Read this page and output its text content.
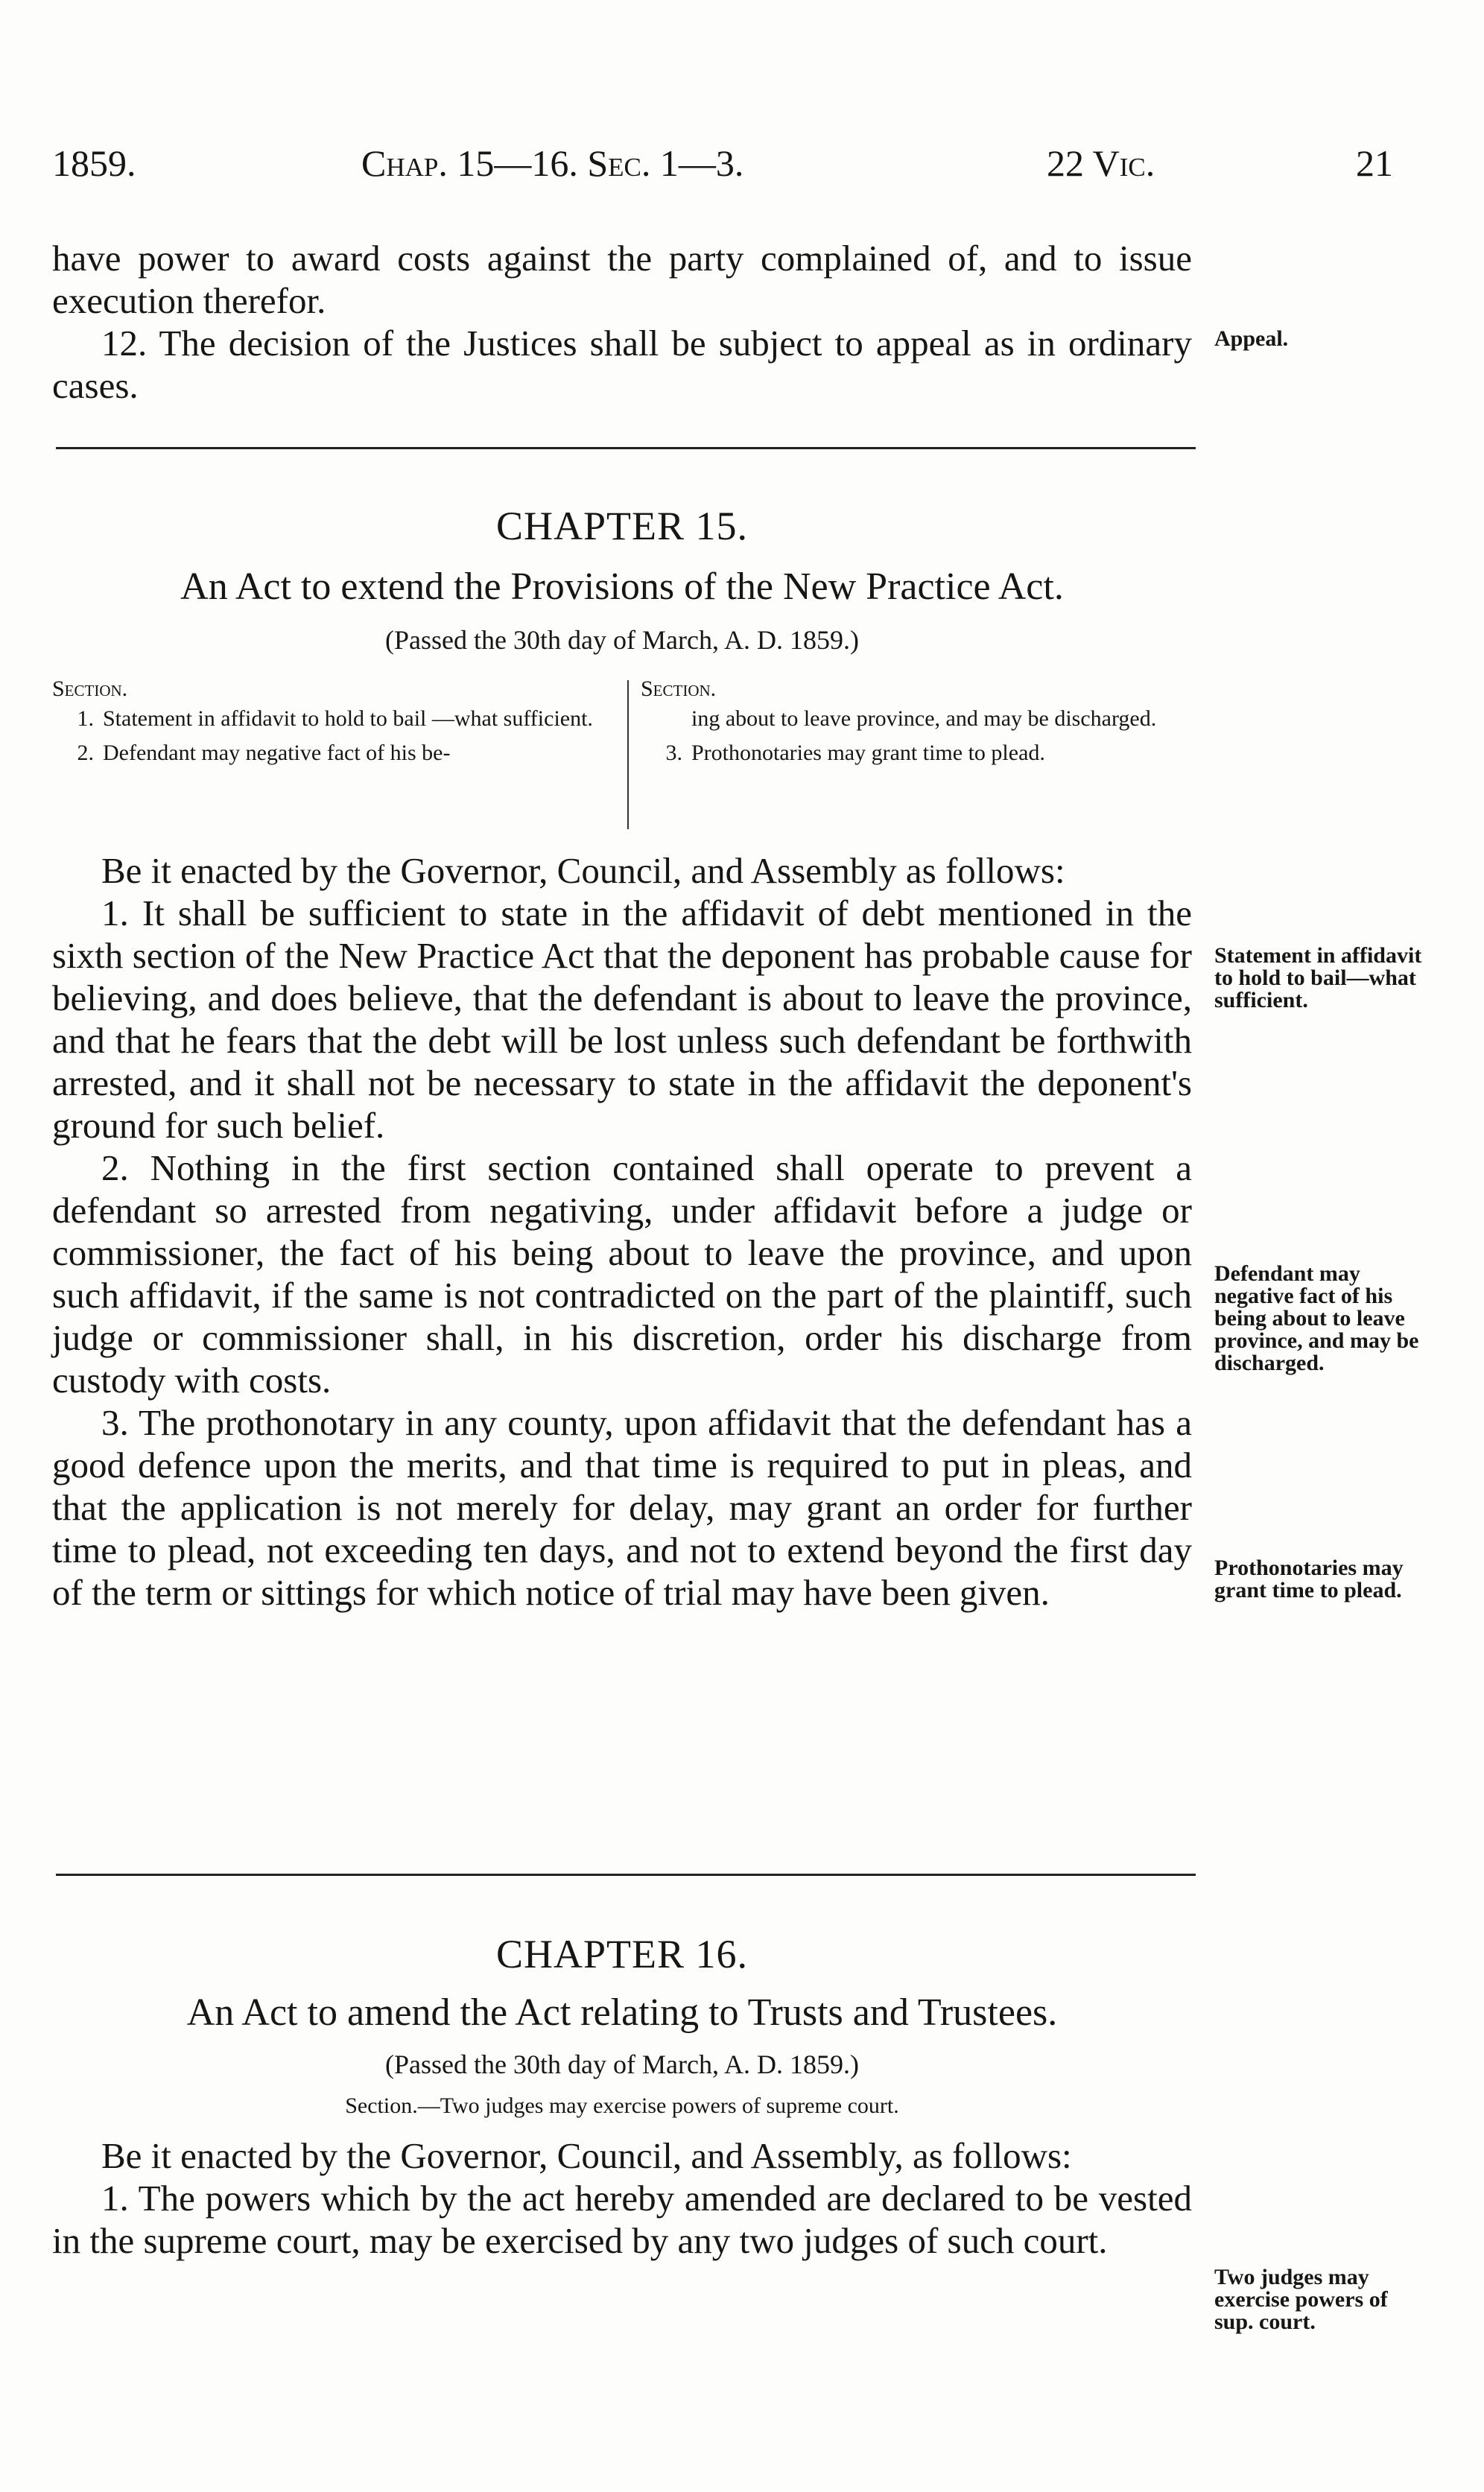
1859.	Chap. 15—16. Sec. 1—3.	22 Vic.	21

have power to award costs against the party complained of, and to issue execution therefor.

12. The decision of the Justices shall be subject to appeal as in ordinary cases.

Appeal.
CHAPTER 15.
An Act to extend the Provisions of the New Practice Act.
(Passed the 30th day of March, A. D. 1859.)
Section.
1. Statement in affidavit to hold to bail —what sufficient.
2. Defendant may negative fact of his be-
Section.
ing about to leave province, and may be discharged.
3. Prothonotaries may grant time to plead.

Be it enacted by the Governor, Council, and Assembly as follows:

1. It shall be sufficient to state in the affidavit of debt mentioned in the sixth section of the New Practice Act that the deponent has probable cause for believing, and does believe, that the defendant is about to leave the province, and that he fears that the debt will be lost unless such defendant be forthwith arrested, and it shall not be necessary to state in the affidavit the deponent's ground for such belief.

2. Nothing in the first section contained shall operate to prevent a defendant so arrested from negativing, under affidavit before a judge or commissioner, the fact of his being about to leave the province, and upon such affidavit, if the same is not contradicted on the part of the plaintiff, such judge or commissioner shall, in his discretion, order his discharge from custody with costs.

3. The prothonotary in any county, upon affidavit that the defendant has a good defence upon the merits, and that time is required to put in pleas, and that the application is not merely for delay, may grant an order for further time to plead, not exceeding ten days, and not to extend beyond the first day of the term or sittings for which notice of trial may have been given.

Statement in affidavit to hold to bail—what sufficient.
Defendant may negative fact of his being about to leave province, and may be discharged.
Prothonotaries may grant time to plead.
CHAPTER 16.
An Act to amend the Act relating to Trusts and Trustees.
(Passed the 30th day of March, A. D. 1859.)
Section.—Two judges may exercise powers of supreme court.

Be it enacted by the Governor, Council, and Assembly, as follows:

1. The powers which by the act hereby amended are declared to be vested in the supreme court, may be exercised by any two judges of such court.

Two judges may exercise powers of sup. court.
